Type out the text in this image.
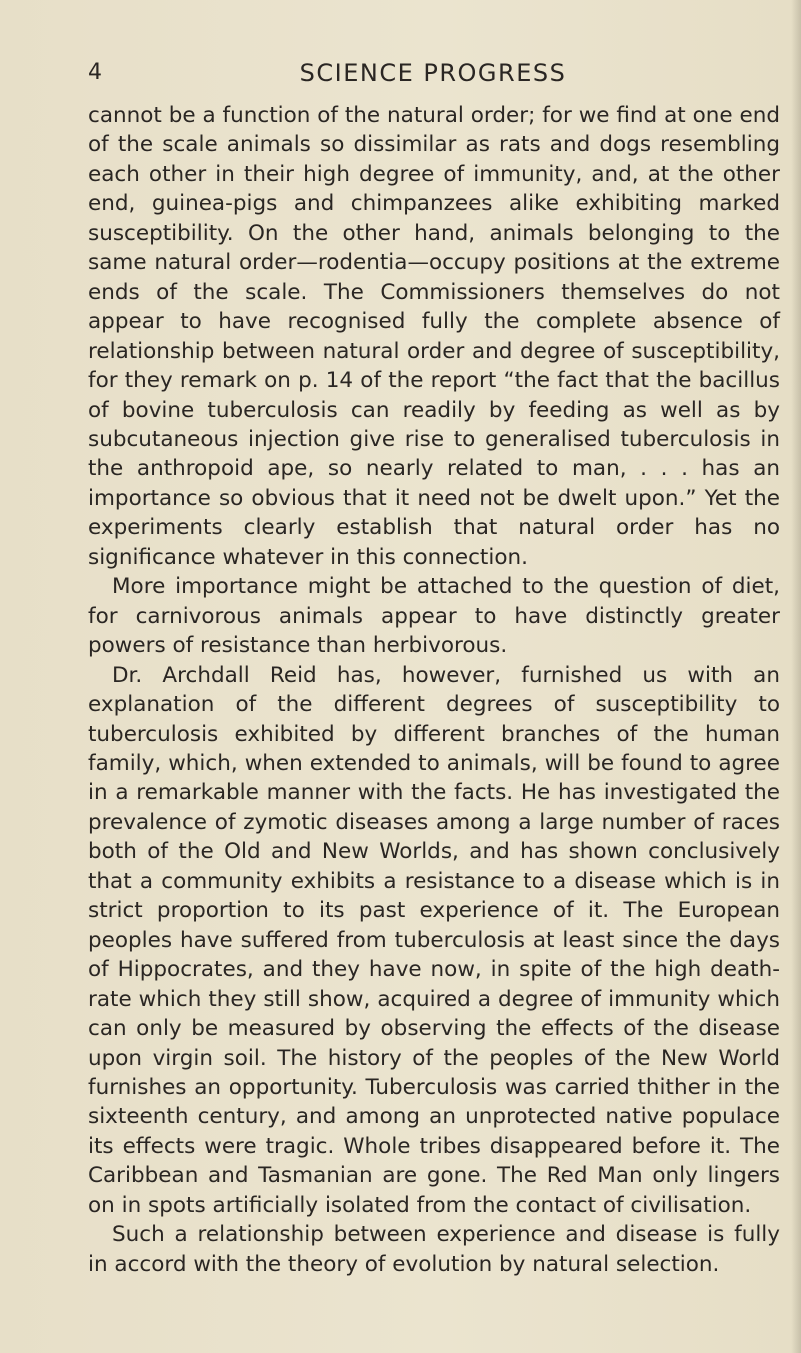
4	SCIENCE PROGRESS

cannot be a function of the natural order; for we find at one end of the scale animals so dissimilar as rats and dogs resembling each other in their high degree of immunity, and, at the other end, guinea-pigs and chimpanzees alike exhibiting marked susceptibility. On the other hand, animals belonging to the same natural order—rodentia—occupy positions at the extreme ends of the scale. The Commissioners themselves do not appear to have recognised fully the complete absence of relationship between natural order and degree of susceptibility, for they remark on p. 14 of the report “the fact that the bacillus of bovine tuberculosis can readily by feeding as well as by subcutaneous injection give rise to generalised tuberculosis in the anthropoid ape, so nearly related to man, . . . has an importance so obvious that it need not be dwelt upon.” Yet the experiments clearly establish that natural order has no significance whatever in this connection.

More importance might be attached to the question of diet, for carnivorous animals appear to have distinctly greater powers of resistance than herbivorous.

Dr. Archdall Reid has, however, furnished us with an explanation of the different degrees of susceptibility to tuberculosis exhibited by different branches of the human family, which, when extended to animals, will be found to agree in a remarkable manner with the facts. He has investigated the prevalence of zymotic diseases among a large number of races both of the Old and New Worlds, and has shown conclusively that a community exhibits a resistance to a disease which is in strict proportion to its past experience of it. The European peoples have suffered from tuberculosis at least since the days of Hippocrates, and they have now, in spite of the high death-rate which they still show, acquired a degree of immunity which can only be measured by observing the effects of the disease upon virgin soil. The history of the peoples of the New World furnishes an opportunity. Tuberculosis was carried thither in the sixteenth century, and among an unprotected native populace its effects were tragic. Whole tribes disappeared before it. The Caribbean and Tasmanian are gone. The Red Man only lingers on in spots artificially isolated from the contact of civilisation.

Such a relationship between experience and disease is fully in accord with the theory of evolution by natural selection.
